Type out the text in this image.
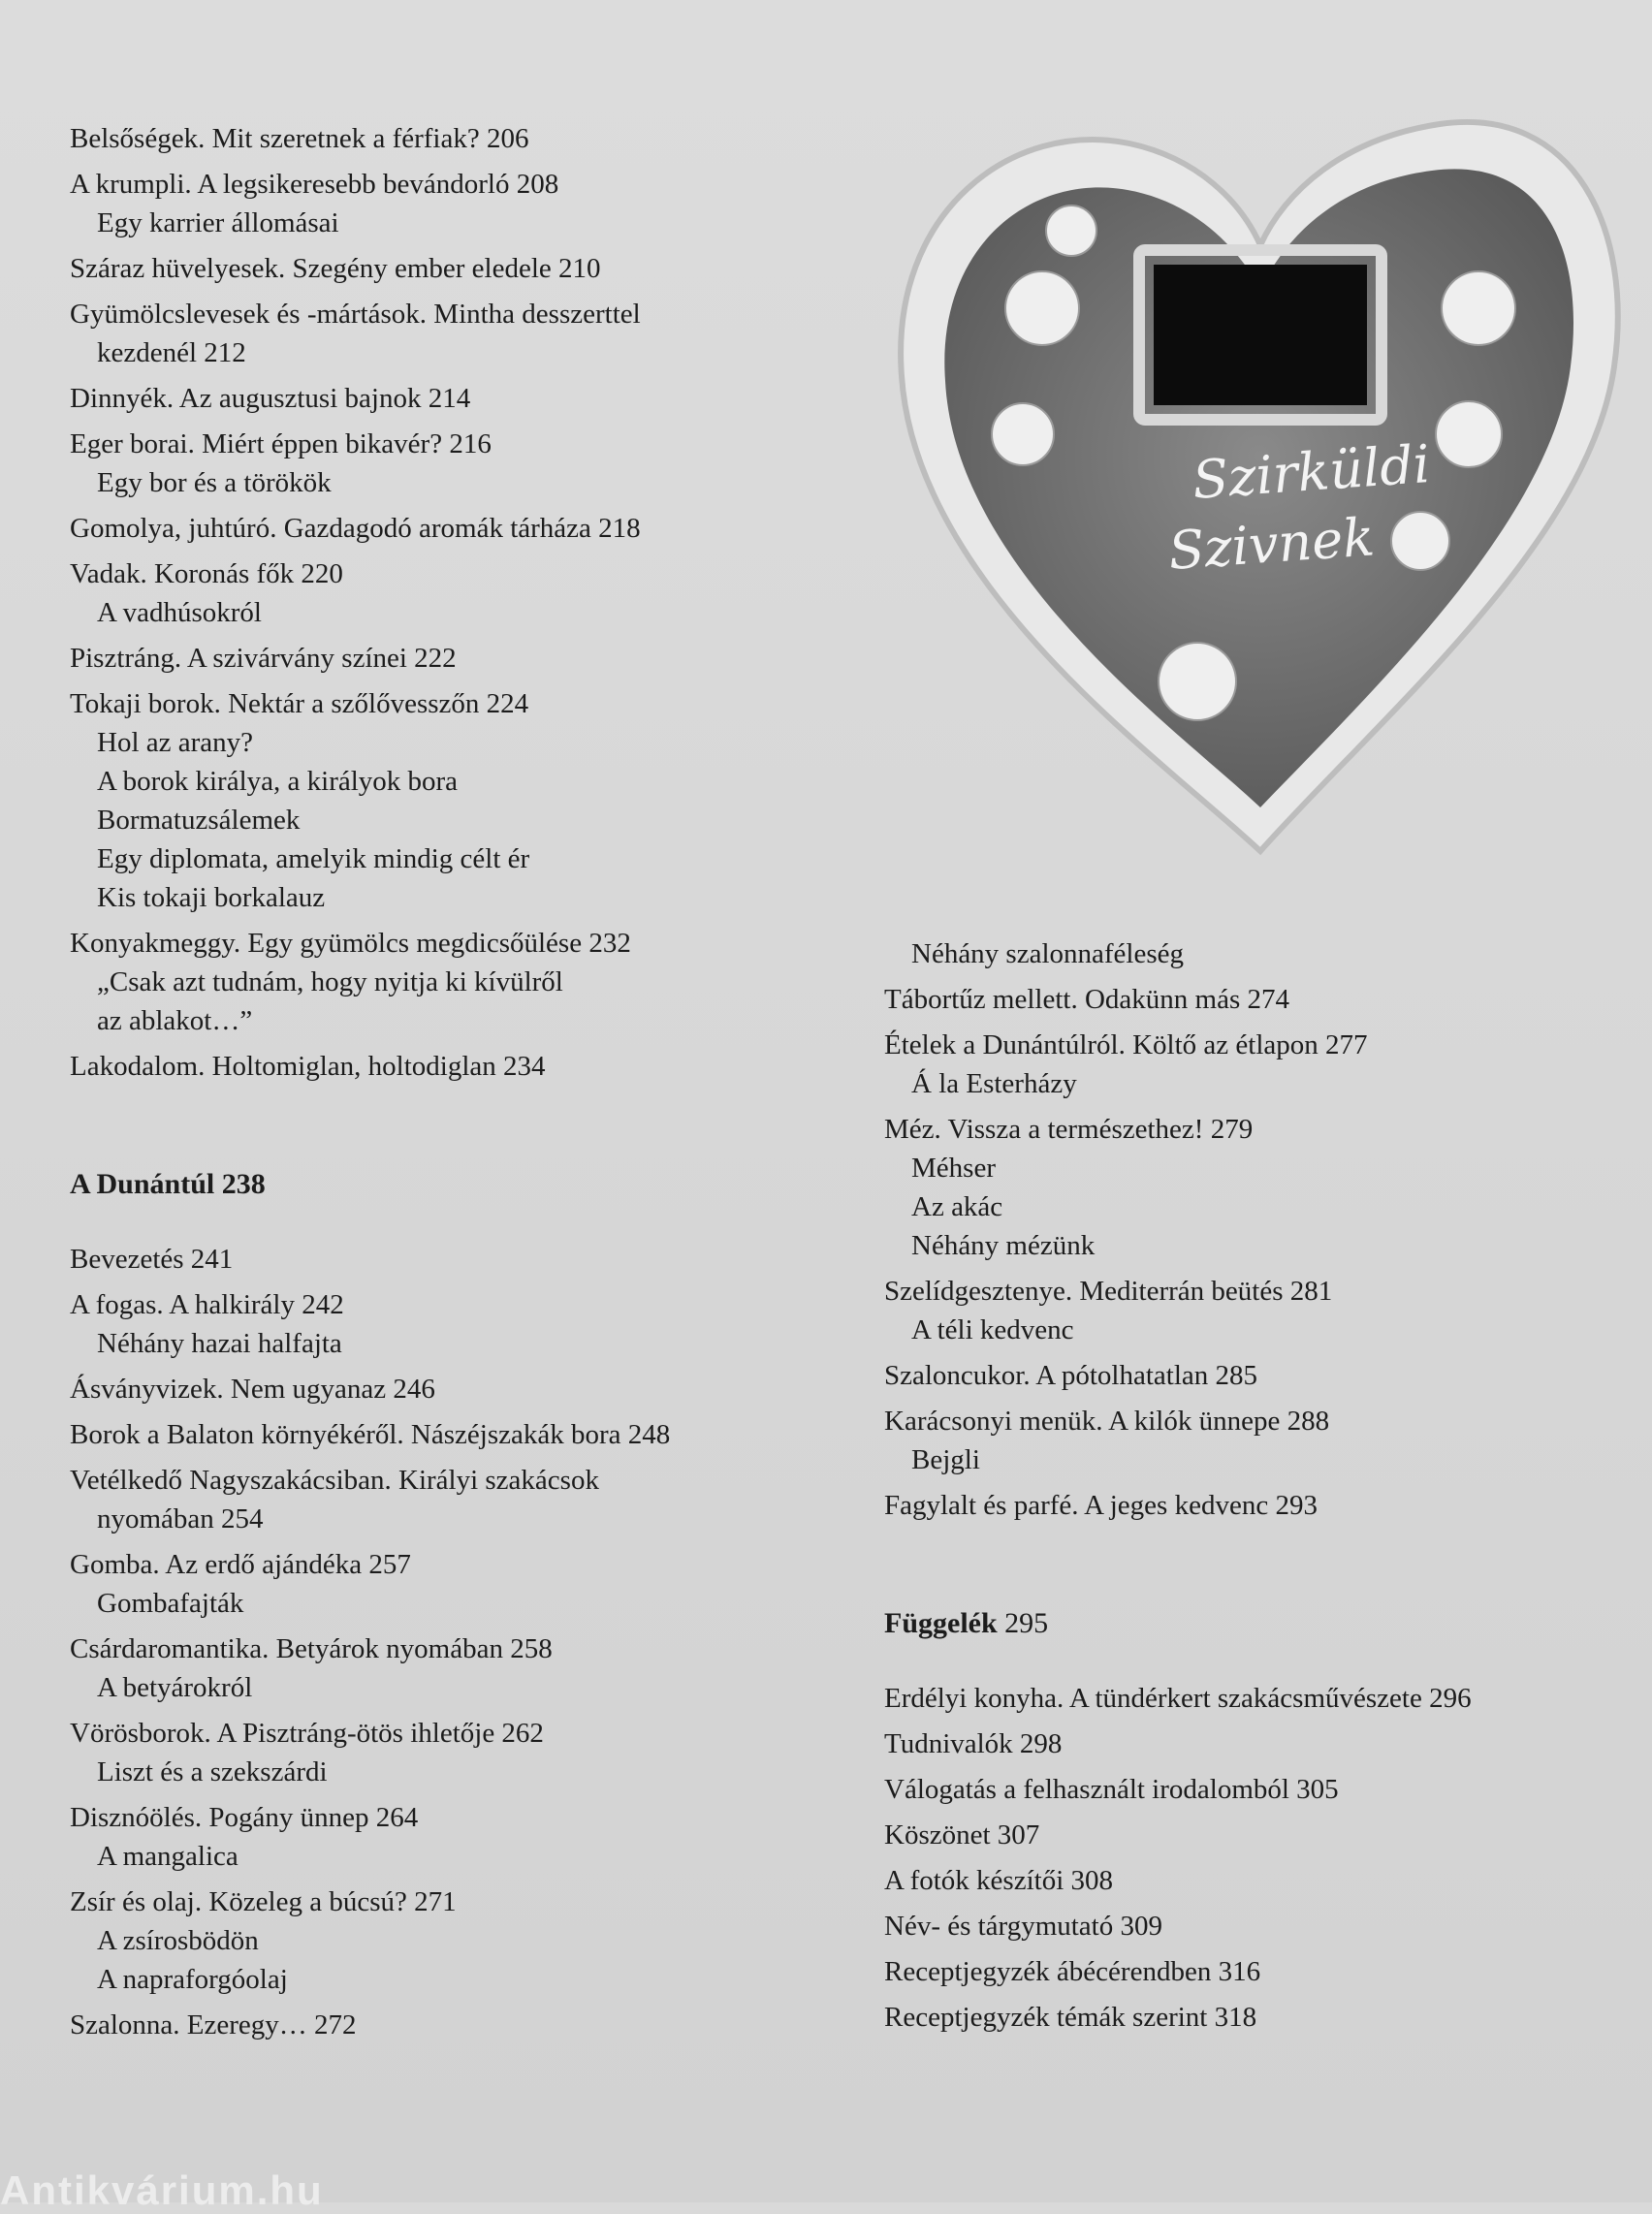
Belsőségek. Mit szeretnek a férfiak? 206
A krumpli. A legsikeresebb bevándorló 208
Egy karrier állomásai
Száraz hüvelyesek. Szegény ember eledele 210
Gyümölcslevesek és -mártások. Mintha desszerttel
kezdenél 212
Dinnyék. Az augusztusi bajnok 214
Eger borai. Miért éppen bikavér? 216
Egy bor és a törökök
Gomolya, juhtúró. Gazdagodó aromák tárháza 218
Vadak. Koronás fők 220
A vadhúsokról
Pisztráng. A szivárvány színei 222
Tokaji borok. Nektár a szőlővesszőn 224
Hol az arany?
A borok királya, a királyok bora
Bormatuzsálemek
Egy diplomata, amelyik mindig célt ér
Kis tokaji borkalauz
Konyakmeggy. Egy gyümölcs megdicsőülése 232
„Csak azt tudnám, hogy nyitja ki kívülről
az ablakot…”
Lakodalom. Holtomiglan, holtodiglan 234
A Dunántúl 238
Bevezetés 241
A fogas. A halkirály 242
Néhány hazai halfajta
Ásványvizek. Nem ugyanaz 246
Borok a Balaton környékéről. Nászéjszakák bora 248
Vetélkedő Nagyszakácsiban. Királyi szakácsok
nyomában 254
Gomba. Az erdő ajándéka 257
Gombafajták
Csárdaromantika. Betyárok nyomában 258
A betyárokról
Vörösborok. A Pisztráng-ötös ihletője 262
Liszt és a szekszárdi
Disznóölés. Pogány ünnep 264
A mangalica
Zsír és olaj. Közeleg a búcsú? 271
A zsírosbödön
A napraforgóolaj
Szalonna. Ezeregy… 272
Szirküldi
Szivnek
Néhány szalonnaféleség
Tábortűz mellett. Odakünn más 274
Ételek a Dunántúlról. Költő az étlapon 277
Á la Esterházy
Méz. Vissza a természethez! 279
Méhser
Az akác
Néhány mézünk
Szelídgesztenye. Mediterrán beütés 281
A téli kedvenc
Szaloncukor. A pótolhatatlan 285
Karácsonyi menük. A kilók ünnepe 288
Bejgli
Fagylalt és parfé. A jeges kedvenc 293
Függelék 295
Erdélyi konyha. A tündérkert szakácsművészete 296
Tudnivalók 298
Válogatás a felhasznált irodalomból 305
Köszönet 307
A fotók készítői 308
Név- és tárgymutató 309
Receptjegyzék ábécérendben 316
Receptjegyzék témák szerint 318
Antikvárium.hu
